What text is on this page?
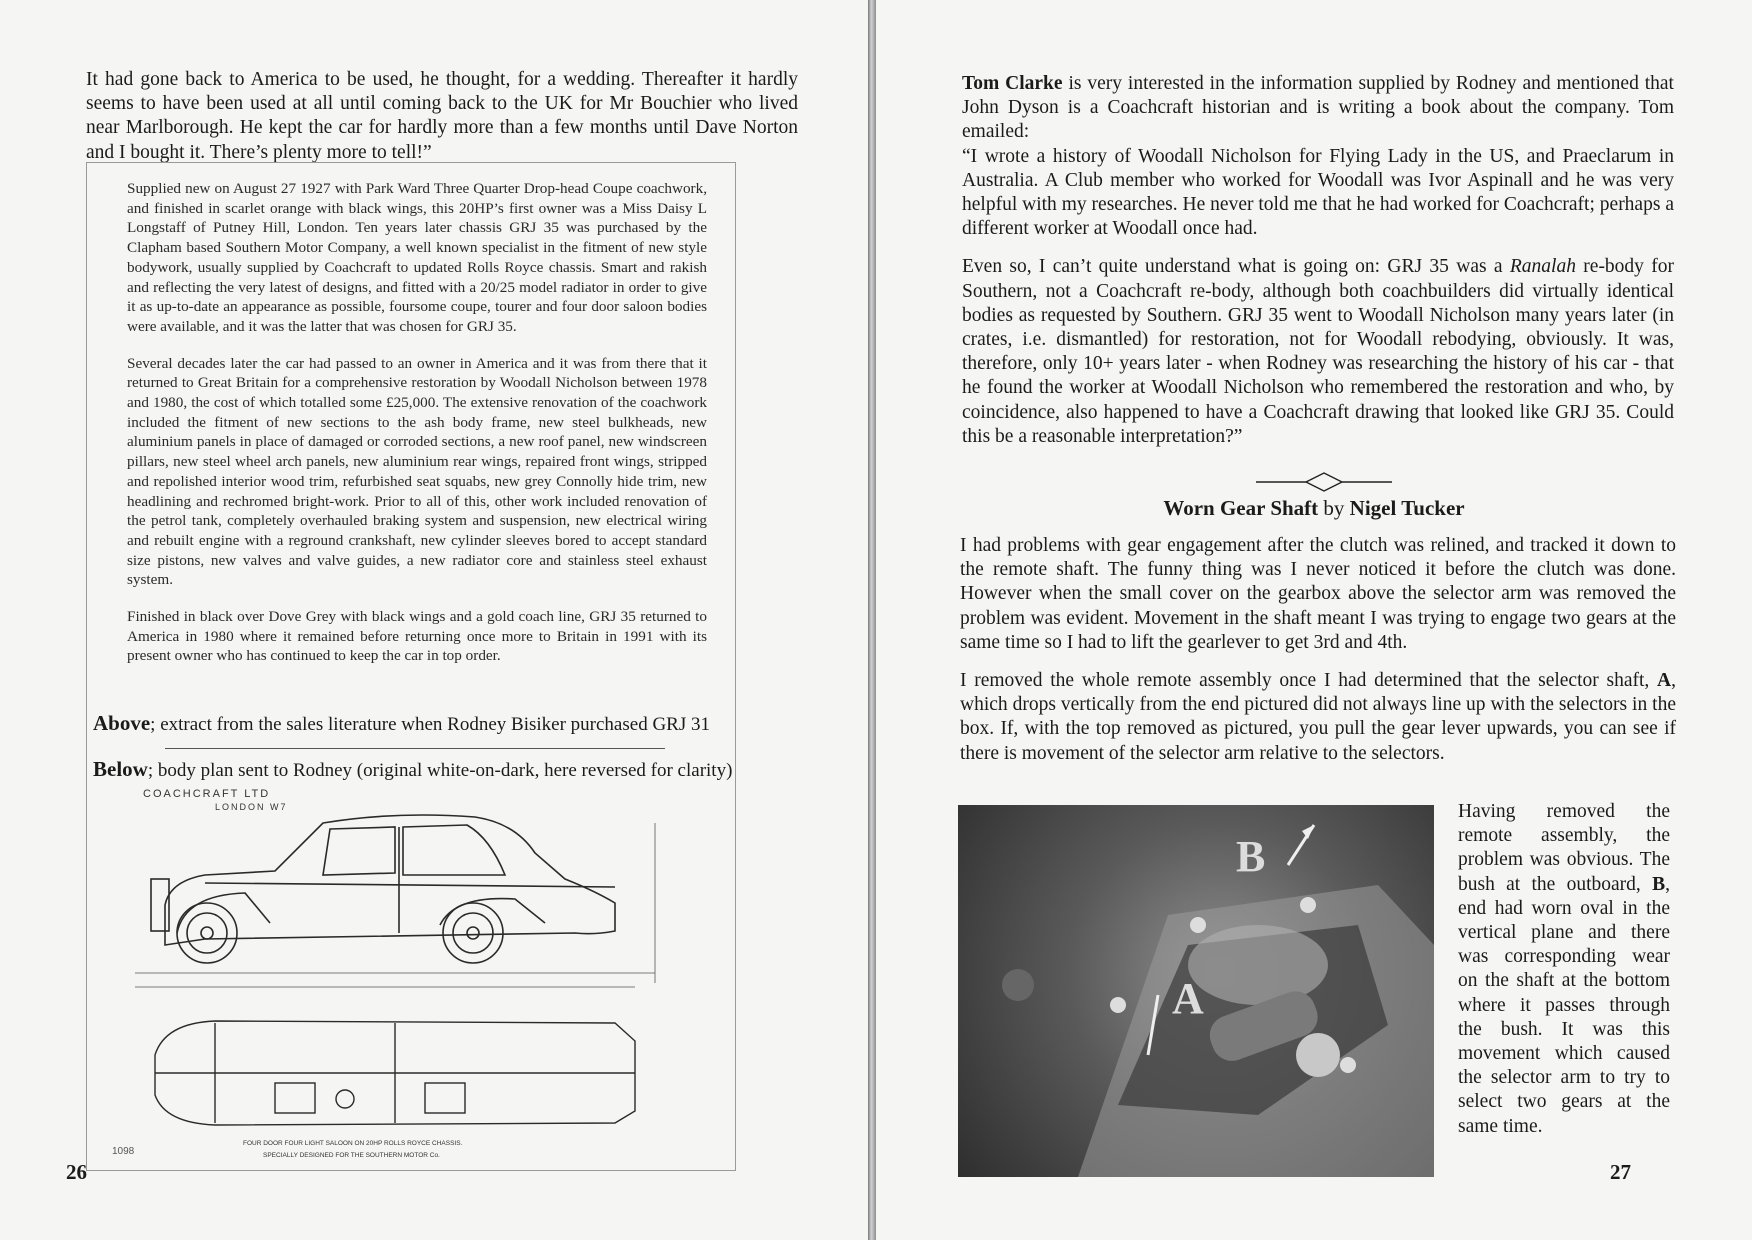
It had gone back to America to be used, he thought, for a wedding. Thereafter it hardly seems to have been used at all until coming back to the UK for Mr Bouchier who lived near Marlborough. He kept the car for hardly more than a few months until Dave Norton and I bought it. There’s plenty more to tell!”

Supplied new on August 27 1927 with Park Ward Three Quarter Drop-head Coupe coachwork, and finished in scarlet orange with black wings, this 20HP’s first owner was a Miss Daisy L Longstaff of Putney Hill, London. Ten years later chassis GRJ 35 was purchased by the Clapham based Southern Motor Company, a well known specialist in the fitment of new style bodywork, usually supplied by Coachcraft to updated Rolls Royce chassis. Smart and rakish and reflecting the very latest of designs, and fitted with a 20/25 model radiator in order to give it as up-to-date an appearance as possible, foursome coupe, tourer and four door saloon bodies were available, and it was the latter that was chosen for GRJ 35.

Several decades later the car had passed to an owner in America and it was from there that it returned to Great Britain for a comprehensive restoration by Woodall Nicholson between 1978 and 1980, the cost of which totalled some £25,000. The extensive renovation of the coachwork included the fitment of new sections to the ash body frame, new steel bulkheads, new aluminium panels in place of damaged or corroded sections, a new roof panel, new windscreen pillars, new steel wheel arch panels, new aluminium rear wings, repaired front wings, stripped and repolished interior wood trim, refurbished seat squabs, new grey Connolly hide trim, new headlining and rechromed bright-work. Prior to all of this, other work included renovation of the petrol tank, completely overhauled braking system and suspension, new electrical wiring and rebuilt engine with a reground crankshaft, new cylinder sleeves bored to accept standard size pistons, new valves and valve guides, a new radiator core and stainless steel exhaust system.

Finished in black over Dove Grey with black wings and a gold coach line, GRJ 35 returned to America in 1980 where it remained before returning once more to Britain in 1991 with its present owner who has continued to keep the car in top order.

Above; extract from the sales literature when Rodney Bisiker purchased GRJ 31
Below; body plan sent to Rodney (original white-on-dark, here reversed for clarity)
COACHCRAFT LTD
LONDON W7
FOUR DOOR FOUR LIGHT SALOON ON 20HP ROLLS ROYCE CHASSIS.
SPECIALLY DESIGNED FOR THE SOUTHERN MOTOR Co.
1098
26

Tom Clarke is very interested in the information supplied by Rodney and mentioned that John Dyson is a Coachcraft historian and is writing a book about the company. Tom emailed:

“I wrote a history of Woodall Nicholson for Flying Lady in the US, and Praeclarum in Australia. A Club member who worked for Woodall was Ivor Aspinall and he was very helpful with my researches. He never told me that he had worked for Coachcraft; perhaps a different worker at Woodall once had.

Even so, I can’t quite understand what is going on: GRJ 35 was a Ranalah re-body for Southern, not a Coachcraft re-body, although both coachbuilders did virtually identical bodies as requested by Southern. GRJ 35 went to Woodall Nicholson many years later (in crates, i.e. dismantled) for restoration, not for Woodall rebodying, obviously. It was, therefore, only 10+ years later - when Rodney was researching the history of his car - that he found the worker at Woodall Nicholson who remembered the restoration and who, by coincidence, also happened to have a Coachcraft drawing that looked like GRJ 35. Could this be a reasonable interpretation?”

Worn Gear Shaft by Nigel Tucker

I had problems with gear engagement after the clutch was relined, and tracked it down to the remote shaft. The funny thing was I never noticed it before the clutch was done. However when the small cover on the gearbox above the selector arm was removed the problem was evident. Movement in the shaft meant I was trying to engage two gears at the same time so I had to lift the gearlever to get 3rd and 4th.

I removed the whole remote assembly once I had determined that the selector shaft, A, which drops vertically from the end pictured did not always line up with the selectors in the box. If, with the top removed as pictured, you pull the gear lever upwards, you can see if there is movement of the selector arm relative to the selectors.

B
A
Having removed the remote assembly, the problem was obvious. The bush at the outboard, B, end had worn oval in the vertical plane and there was corresponding wear on the shaft at the bottom where it passes through the bush. It was this movement which caused the selector arm to try to select two gears at the same time.
27
